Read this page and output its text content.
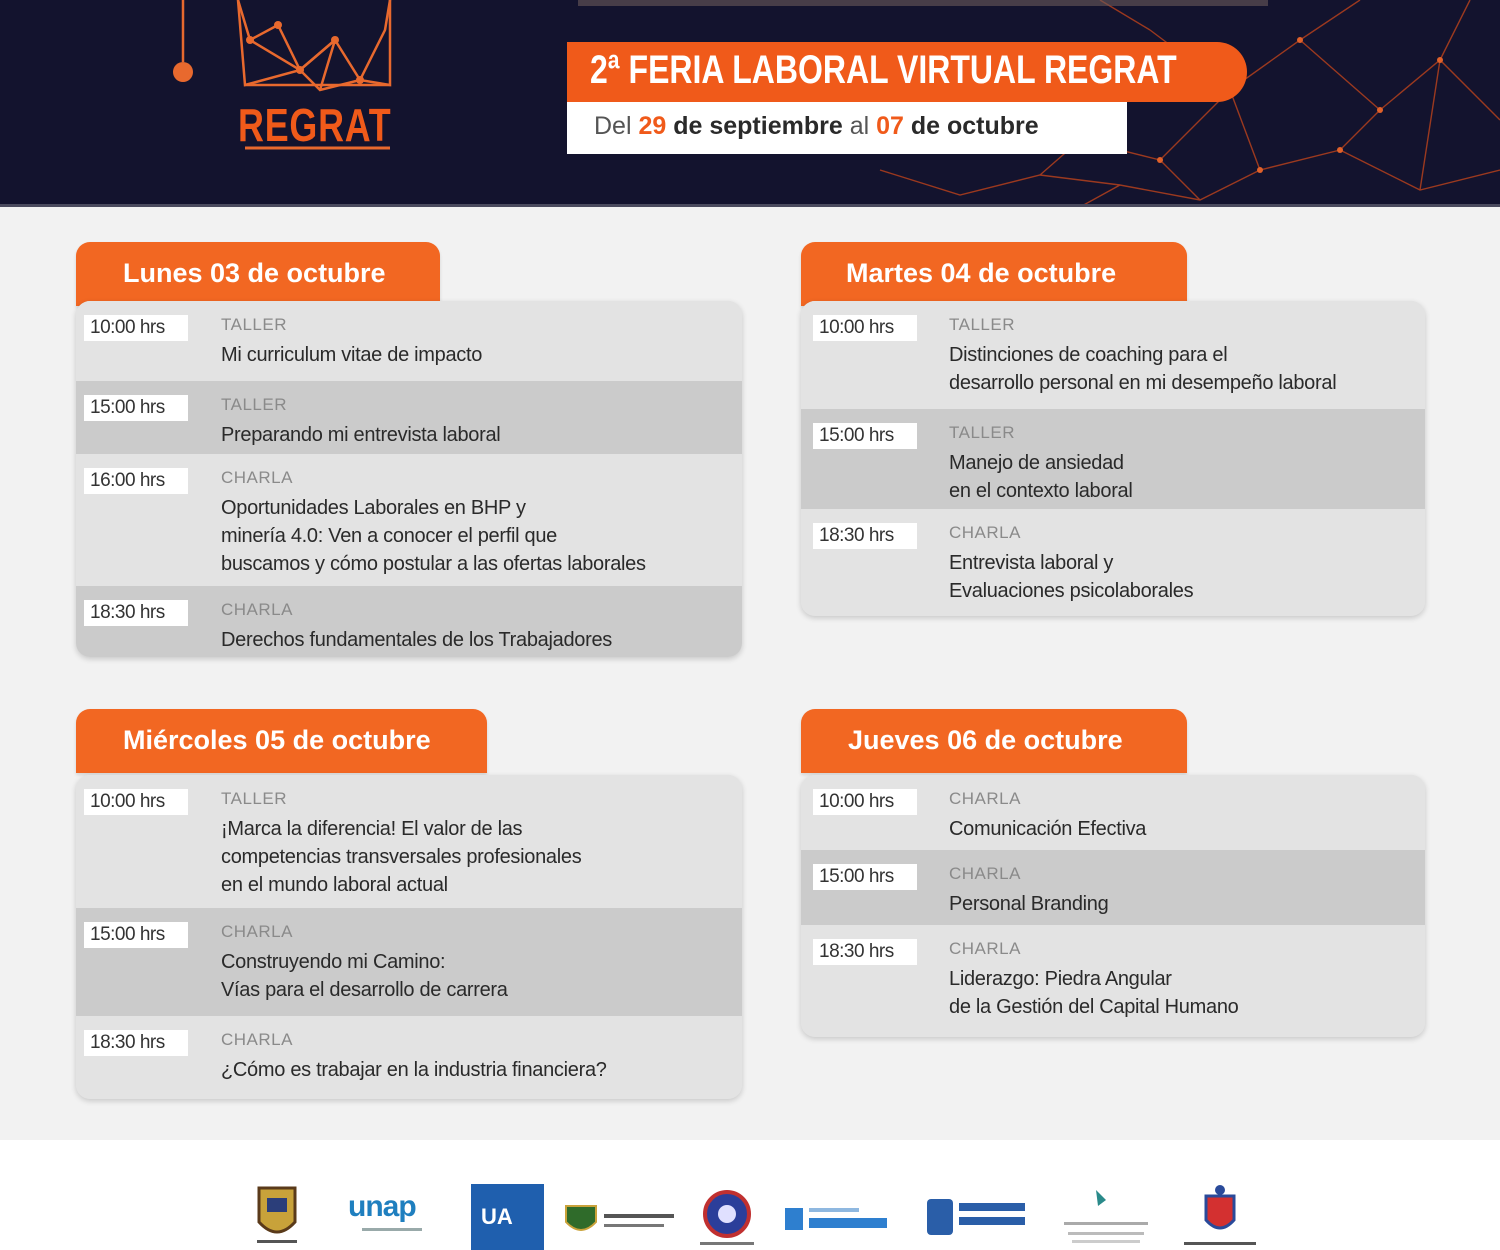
REGRAT
2ª FERIA LABORAL VIRTUAL REGRAT
Del 29 de septiembre al 07 de octubre
Lunes 03 de octubre
10:00 hrs	TALLER
Mi curriculum vitae de impacto
15:00 hrs	TALLER
Preparando mi entrevista laboral
16:00 hrs	CHARLA
Oportunidades Laborales en BHP y
minería 4.0: Ven a conocer el perfil que
buscamos y cómo postular a las ofertas laborales
18:30 hrs	CHARLA
Derechos fundamentales de los Trabajadores
Martes 04 de octubre
10:00 hrs	TALLER
Distinciones de coaching para el
desarrollo personal en mi desempeño laboral
15:00 hrs	TALLER
Manejo de ansiedad
en el contexto laboral
18:30 hrs	CHARLA
Entrevista laboral y
Evaluaciones psicolaborales
Miércoles 05 de octubre
10:00 hrs	TALLER
¡Marca la diferencia! El valor de las
competencias transversales profesionales
en el mundo laboral actual
15:00 hrs	CHARLA
Construyendo mi Camino:
Vías para el desarrollo de carrera
18:30 hrs	CHARLA
¿Cómo es trabajar en la industria financiera?
Jueves 06 de octubre
10:00 hrs	CHARLA
Comunicación Efectiva
15:00 hrs	CHARLA
Personal Branding
18:30 hrs	CHARLA
Liderazgo: Piedra Angular
de la Gestión del Capital Humano
unap	UA
